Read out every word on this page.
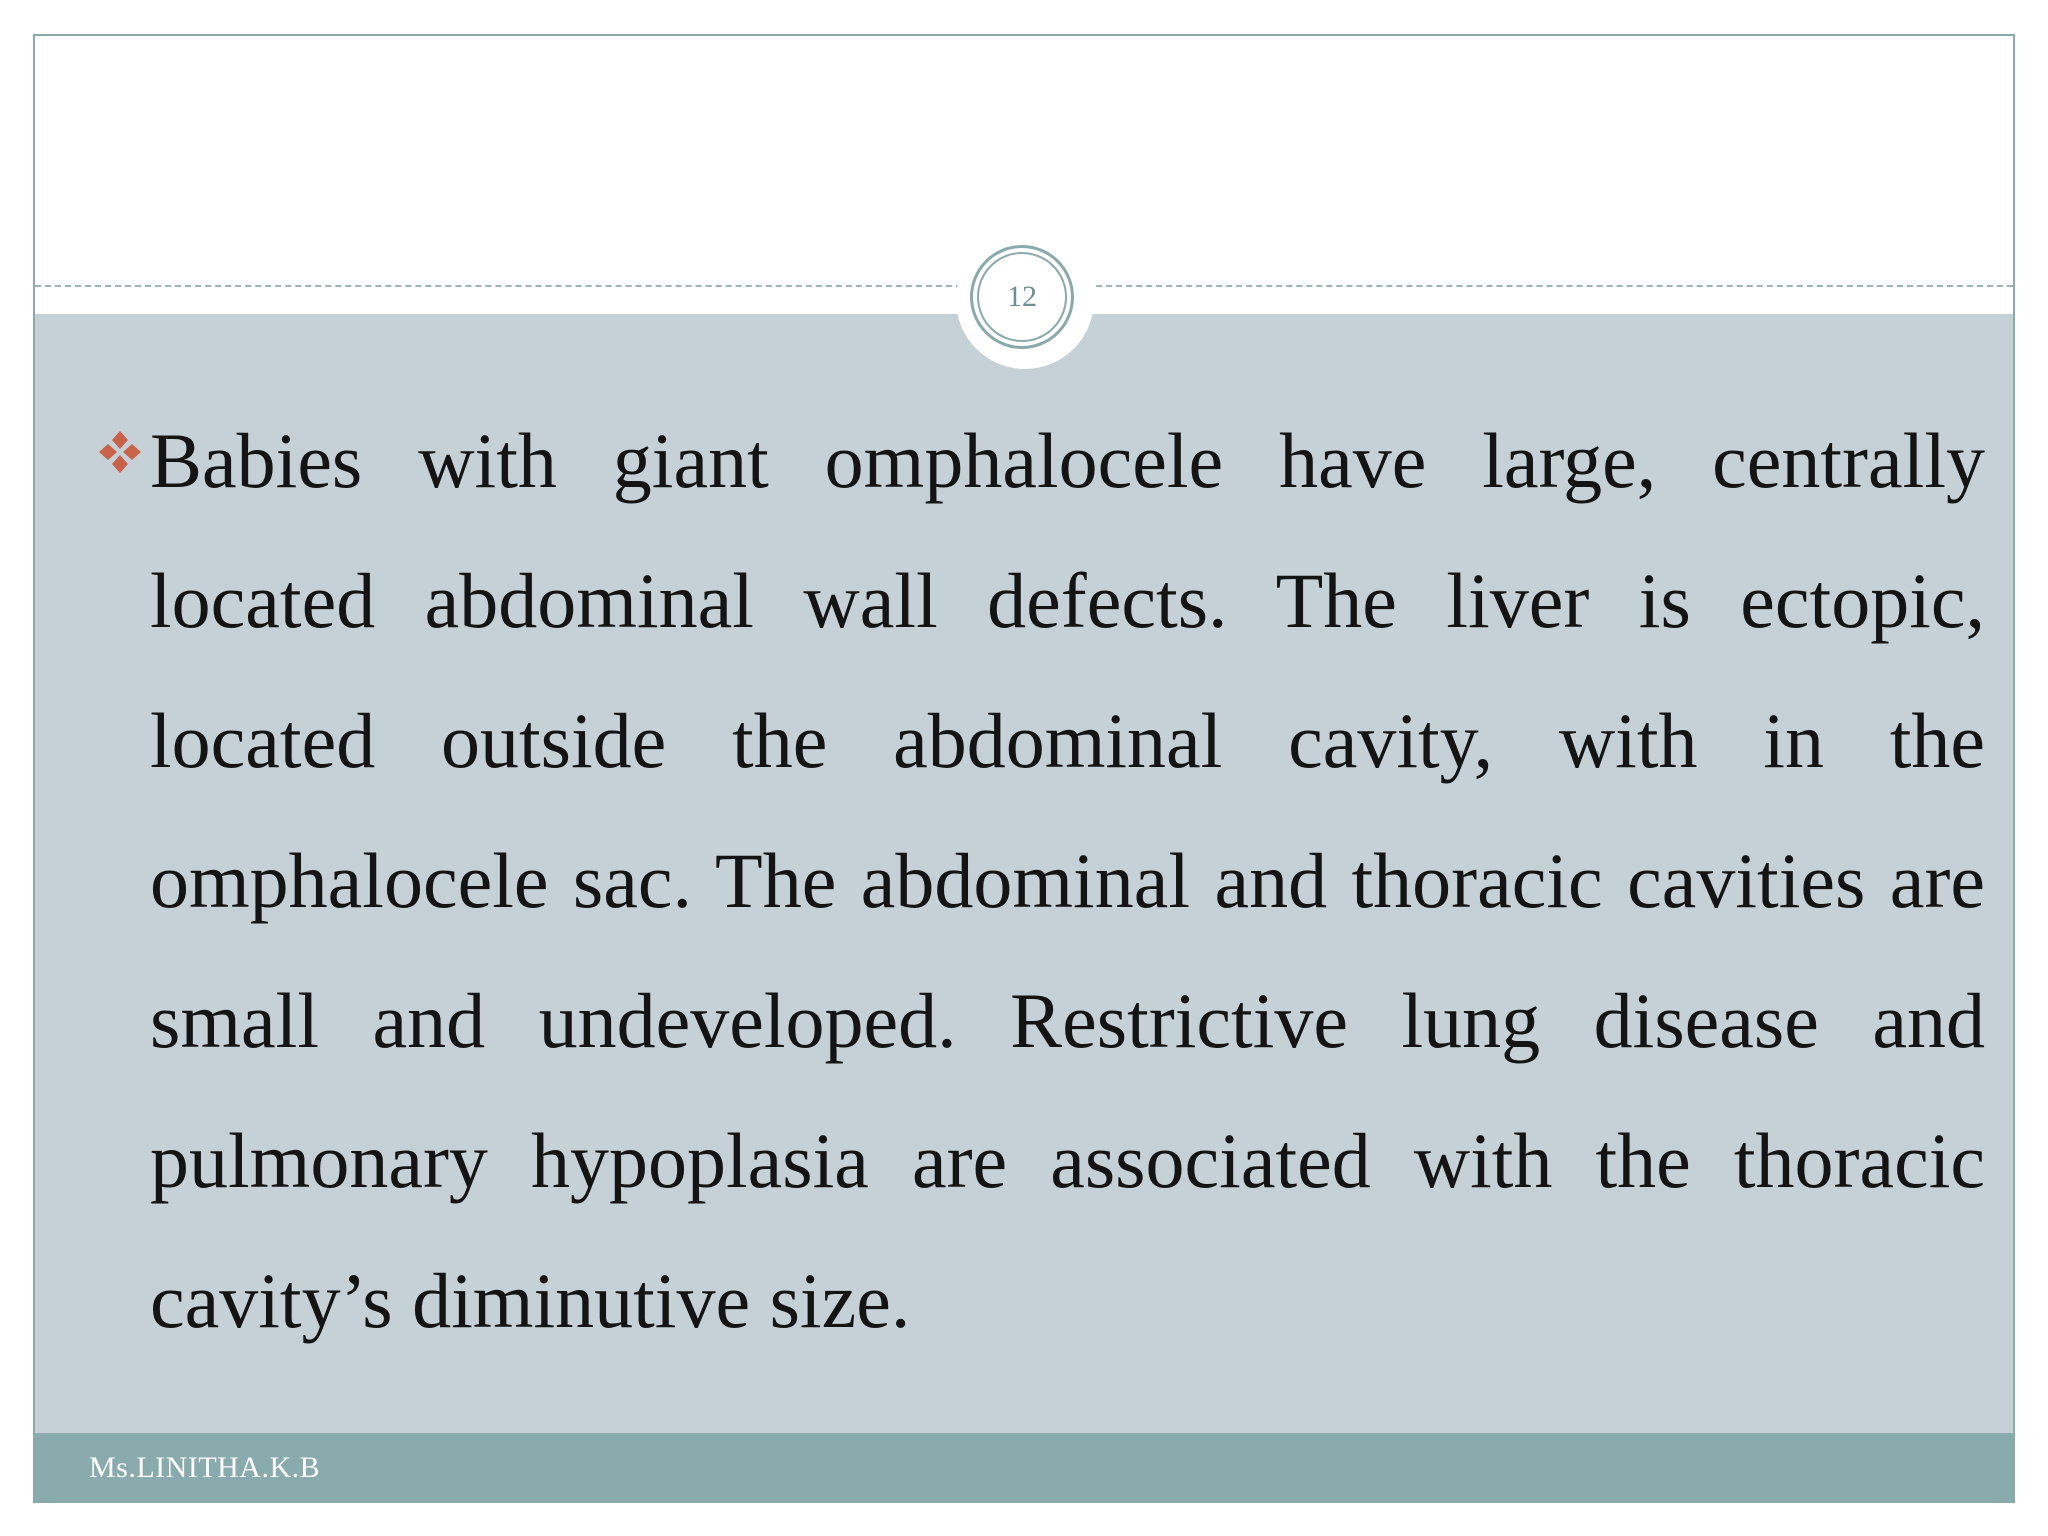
12

Babies with giant omphalocele have large, centrally located abdominal wall defects. The liver is ectopic, located outside the abdominal cavity, with in the omphalocele sac. The abdominal and thoracic cavities are small and undeveloped. Restrictive lung disease and pulmonary hypoplasia are associated with the thoracic cavity’s diminutive size.

Ms.LINITHA.K.B
